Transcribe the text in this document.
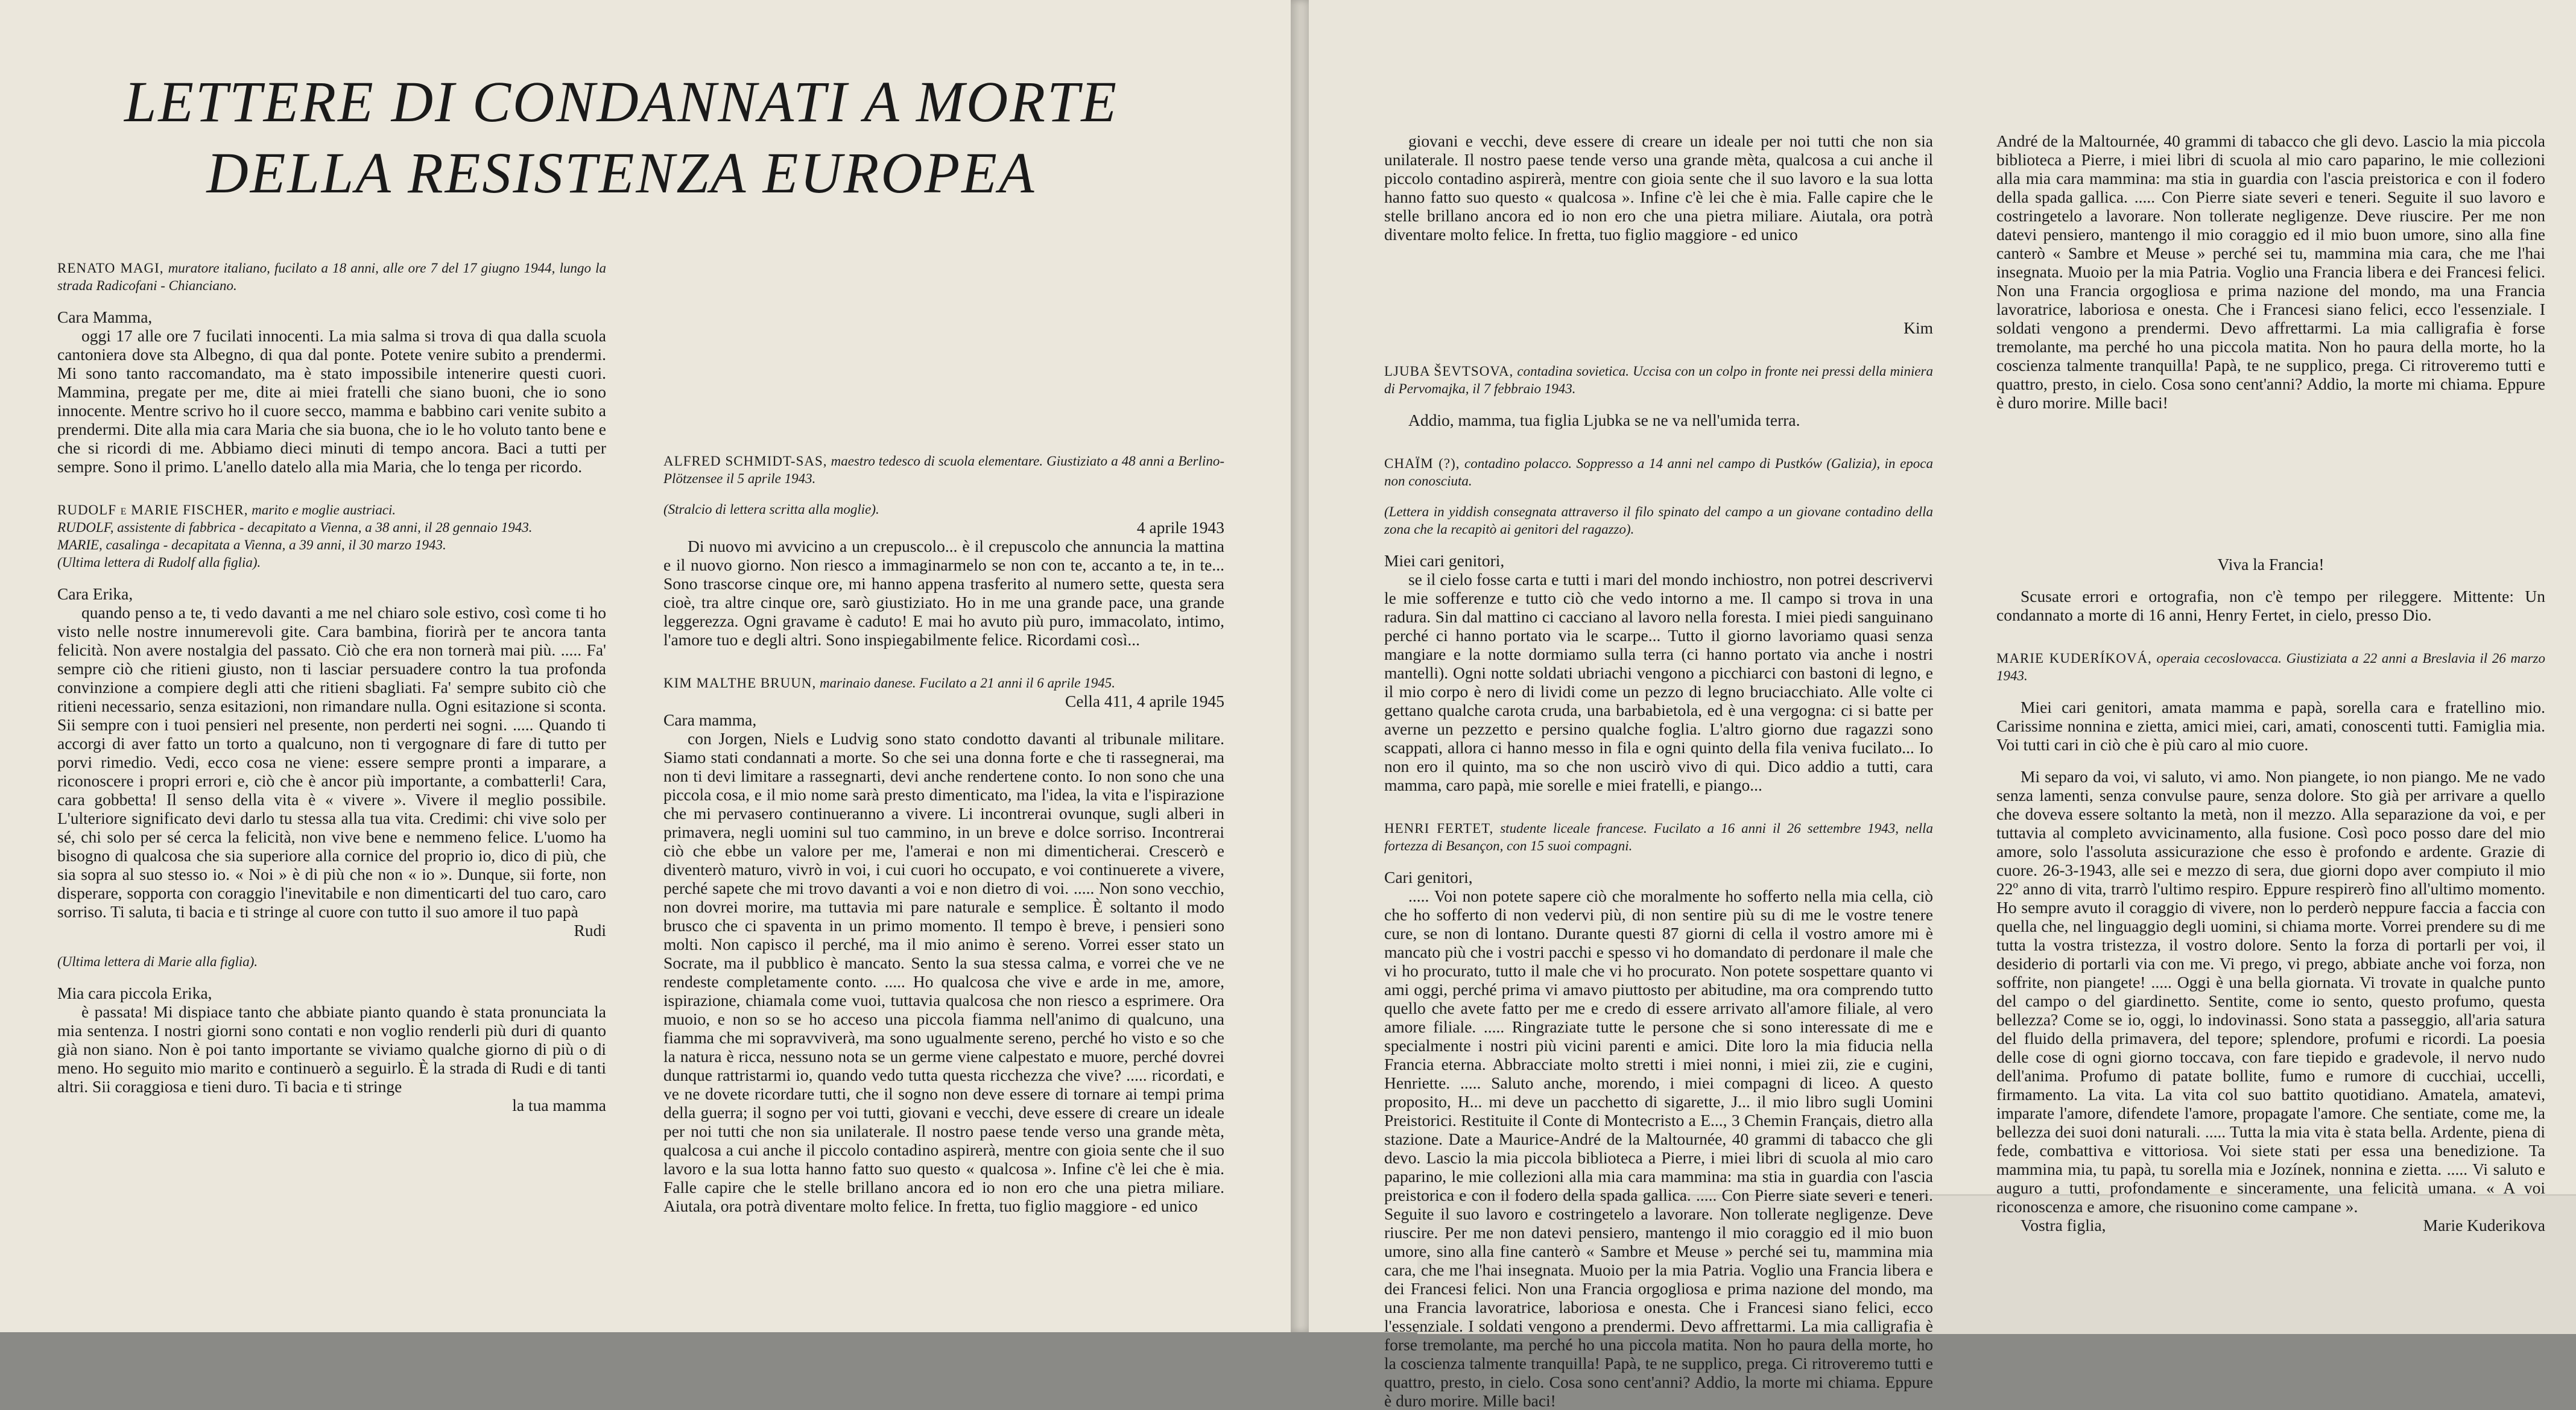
LETTERE DI CONDANNATI A MORTE
DELLA RESISTENZA EUROPEA

RENATO MAGI, muratore italiano, fucilato a 18 anni, alle ore 7 del 17 giugno 1944, lungo la strada Radicofani - Chianciano.

Cara Mamma,

oggi 17 alle ore 7 fucilati innocenti. La mia salma si trova di qua dalla scuola cantoniera dove sta Albegno, di qua dal ponte. Potete venire subito a prendermi. Mi sono tanto raccomandato, ma è stato impossibile intenerire questi cuori. Mammina, pregate per me, dite ai miei fratelli che siano buoni, che io sono innocente. Mentre scrivo ho il cuore secco, mamma e babbino cari venite subito a prendermi. Dite alla mia cara Maria che sia buona, che io le ho voluto tanto bene e che si ricordi di me. Abbiamo dieci minuti di tempo ancora. Baci a tutti per sempre. Sono il primo. L'anello datelo alla mia Maria, che lo tenga per ricordo.

RUDOLF e MARIE FISCHER, marito e moglie austriaci.

RUDOLF, assistente di fabbrica - decapitato a Vienna, a 38 anni, il 28 gennaio 1943.

MARIE, casalinga - decapitata a Vienna, a 39 anni, il 30 marzo 1943.

(Ultima lettera di Rudolf alla figlia).

Cara Erika,

quando penso a te, ti vedo davanti a me nel chiaro sole estivo, così come ti ho visto nelle nostre innumerevoli gite. Cara bambina, fiorirà per te ancora tanta felicità. Non avere nostalgia del passato. Ciò che era non tornerà mai più. ..... Fa' sempre ciò che ritieni giusto, non ti lasciar persuadere contro la tua profonda convinzione a compiere degli atti che ritieni sbagliati. Fa' sempre subito ciò che ritieni necessario, senza esitazioni, non rimandare nulla. Ogni esitazione si sconta. Sii sempre con i tuoi pensieri nel presente, non perderti nei sogni. ..... Quando ti accorgi di aver fatto un torto a qualcuno, non ti vergognare di fare di tutto per porvi rimedio. Vedi, ecco cosa ne viene: essere sempre pronti a imparare, a riconoscere i propri errori e, ciò che è ancor più importante, a combatterli! Cara, cara gobbetta! Il senso della vita è « vivere ». Vivere il meglio possibile. L'ulteriore significato devi darlo tu stessa alla tua vita. Credimi: chi vive solo per sé, chi solo per sé cerca la felicità, non vive bene e nemmeno felice. L'uomo ha bisogno di qualcosa che sia superiore alla cornice del proprio io, dico di più, che sia sopra al suo stesso io. « Noi » è di più che non « io ». Dunque, sii forte, non disperare, sopporta con coraggio l'inevitabile e non dimenticarti del tuo caro, caro sorriso. Ti saluta, ti bacia e ti stringe al cuore con tutto il suo amore il tuo papà

Rudi

(Ultima lettera di Marie alla figlia).

Mia cara piccola Erika,

è passata! Mi dispiace tanto che abbiate pianto quando è stata pronunciata la mia sentenza. I nostri giorni sono contati e non voglio renderli più duri di quanto già non siano. Non è poi tanto importante se viviamo qualche giorno di più o di meno. Ho seguito mio marito e continuerò a seguirlo. È la strada di Rudi e di tanti altri. Sii coraggiosa e tieni duro. Ti bacia e ti stringe

la tua mamma

ALFRED SCHMIDT-SAS, maestro tedesco di scuola elementare. Giustiziato a 48 anni a Berlino-Plötzensee il 5 aprile 1943.

(Stralcio di lettera scritta alla moglie).

4 aprile 1943

Di nuovo mi avvicino a un crepuscolo... è il crepuscolo che annuncia la mattina e il nuovo giorno. Non riesco a immaginarmelo se non con te, accanto a te, in te... Sono trascorse cinque ore, mi hanno appena trasferito al numero sette, questa sera cioè, tra altre cinque ore, sarò giustiziato. Ho in me una grande pace, una grande leggerezza. Ogni gravame è caduto! E mai ho avuto più puro, immacolato, intimo, l'amore tuo e degli altri. Sono inspiegabilmente felice. Ricordami così...

KIM MALTHE BRUUN, marinaio danese. Fucilato a 21 anni il 6 aprile 1945.

Cella 411, 4 aprile 1945

Cara mamma,

con Jorgen, Niels e Ludvig sono stato condotto davanti al tribunale militare. Siamo stati condannati a morte. So che sei una donna forte e che ti rassegnerai, ma non ti devi limitare a rassegnarti, devi anche rendertene conto. Io non sono che una piccola cosa, e il mio nome sarà presto dimenticato, ma l'idea, la vita e l'ispirazione che mi pervasero continueranno a vivere. Li incontrerai ovunque, sugli alberi in primavera, negli uomini sul tuo cammino, in un breve e dolce sorriso. Incontrerai ciò che ebbe un valore per me, l'amerai e non mi dimenticherai. Crescerò e diventerò maturo, vivrò in voi, i cui cuori ho occupato, e voi continuerete a vivere, perché sapete che mi trovo davanti a voi e non dietro di voi. ..... Non sono vecchio, non dovrei morire, ma tuttavia mi pare naturale e semplice. È soltanto il modo brusco che ci spaventa in un primo momento. Il tempo è breve, i pensieri sono molti. Non capisco il perché, ma il mio animo è sereno. Vorrei esser stato un Socrate, ma il pubblico è mancato. Sento la sua stessa calma, e vorrei che ve ne rendeste completamente conto. ..... Ho qualcosa che vive e arde in me, amore, ispirazione, chiamala come vuoi, tuttavia qualcosa che non riesco a esprimere. Ora muoio, e non so se ho acceso una piccola fiamma nell'animo di qualcuno, una fiamma che mi sopravviverà, ma sono ugualmente sereno, perché ho visto e so che la natura è ricca, nessuno nota se un germe viene calpestato e muore, perché dovrei dunque rattristarmi io, quando vedo tutta questa ricchezza che vive? ..... ricordati, e ve ne dovete ricordare tutti, che il sogno non deve essere di tornare ai tempi prima della guerra; il sogno per voi tutti, giovani e vecchi, deve essere di creare un ideale per noi tutti che non sia unilaterale. Il nostro paese tende verso una grande mèta, qualcosa a cui anche il piccolo contadino aspirerà, mentre con gioia sente che il suo lavoro e la sua lotta hanno fatto suo questo « qualcosa ». Infine c'è lei che è mia. Falle capire che le stelle brillano ancora ed io non ero che una pietra miliare. Aiutala, ora potrà diventare molto felice. In fretta, tuo figlio maggiore - ed unico

giovani e vecchi, deve essere di creare un ideale per noi tutti che non sia unilaterale. Il nostro paese tende verso una grande mèta, qualcosa a cui anche il piccolo contadino aspirerà, mentre con gioia sente che il suo lavoro e la sua lotta hanno fatto suo questo « qualcosa ». Infine c'è lei che è mia. Falle capire che le stelle brillano ancora ed io non ero che una pietra miliare. Aiutala, ora potrà diventare molto felice. In fretta, tuo figlio maggiore - ed unico

Kim

LJUBA ŠEVTSOVA, contadina sovietica. Uccisa con un colpo in fronte nei pressi della miniera di Pervomajka, il 7 febbraio 1943.

Addio, mamma, tua figlia Ljubka se ne va nell'umida terra.

CHAÏM (?), contadino polacco. Soppresso a 14 anni nel campo di Pustków (Galizia), in epoca non conosciuta.

(Lettera in yiddish consegnata attraverso il filo spinato del campo a un giovane contadino della zona che la recapitò ai genitori del ragazzo).

Miei cari genitori,

se il cielo fosse carta e tutti i mari del mondo inchiostro, non potrei descrivervi le mie sofferenze e tutto ciò che vedo intorno a me. Il campo si trova in una radura. Sin dal mattino ci cacciano al lavoro nella foresta. I miei piedi sanguinano perché ci hanno portato via le scarpe... Tutto il giorno lavoriamo quasi senza mangiare e la notte dormiamo sulla terra (ci hanno portato via anche i nostri mantelli). Ogni notte soldati ubriachi vengono a picchiarci con bastoni di legno, e il mio corpo è nero di lividi come un pezzo di legno bruciacchiato. Alle volte ci gettano qualche carota cruda, una barbabietola, ed è una vergogna: ci si batte per averne un pezzetto e persino qualche foglia. L'altro giorno due ragazzi sono scappati, allora ci hanno messo in fila e ogni quinto della fila veniva fucilato... Io non ero il quinto, ma so che non uscirò vivo di qui. Dico addio a tutti, cara mamma, caro papà, mie sorelle e miei fratelli, e piango...

HENRI FERTET, studente liceale francese. Fucilato a 16 anni il 26 settembre 1943, nella fortezza di Besançon, con 15 suoi compagni.

Cari genitori,

..... Voi non potete sapere ciò che moralmente ho sofferto nella mia cella, ciò che ho sofferto di non vedervi più, di non sentire più su di me le vostre tenere cure, se non di lontano. Durante questi 87 giorni di cella il vostro amore mi è mancato più che i vostri pacchi e spesso vi ho domandato di perdonare il male che vi ho procurato, tutto il male che vi ho procurato. Non potete sospettare quanto vi ami oggi, perché prima vi amavo piuttosto per abitudine, ma ora comprendo tutto quello che avete fatto per me e credo di essere arrivato all'amore filiale, al vero amore filiale. ..... Ringraziate tutte le persone che si sono interessate di me e specialmente i nostri più vicini parenti e amici. Dite loro la mia fiducia nella Francia eterna. Abbracciate molto stretti i miei nonni, i miei zii, zie e cugini, Henriette. ..... Saluto anche, morendo, i miei compagni di liceo. A questo proposito, H... mi deve un pacchetto di sigarette, J... il mio libro sugli Uomini Preistorici. Restituite il Conte di Montecristo a E..., 3 Chemin Français, dietro alla stazione. Date a Maurice-André de la Maltournée, 40 grammi di tabacco che gli devo. Lascio la mia piccola biblioteca a Pierre, i miei libri di scuola al mio caro paparino, le mie collezioni alla mia cara mammina: ma stia in guardia con l'ascia preistorica e con il fodero della spada gallica. ..... Con Pierre siate severi e teneri. Seguite il suo lavoro e costringetelo a lavorare. Non tollerate negligenze. Deve riuscire. Per me non datevi pensiero, mantengo il mio coraggio ed il mio buon umore, sino alla fine canterò « Sambre et Meuse » perché sei tu, mammina mia cara, che me l'hai insegnata. Muoio per la mia Patria. Voglio una Francia libera e dei Francesi felici. Non una Francia orgogliosa e prima nazione del mondo, ma una Francia lavoratrice, laboriosa e onesta. Che i Francesi siano felici, ecco l'essenziale. I soldati vengono a prendermi. Devo affrettarmi. La mia calligrafia è forse tremolante, ma perché ho una piccola matita. Non ho paura della morte, ho la coscienza talmente tranquilla! Papà, te ne supplico, prega. Ci ritroveremo tutti e quattro, presto, in cielo. Cosa sono cent'anni? Addio, la morte mi chiama. Eppure è duro morire. Mille baci!

André de la Maltournée, 40 grammi di tabacco che gli devo. Lascio la mia piccola biblioteca a Pierre, i miei libri di scuola al mio caro paparino, le mie collezioni alla mia cara mammina: ma stia in guardia con l'ascia preistorica e con il fodero della spada gallica. ..... Con Pierre siate severi e teneri. Seguite il suo lavoro e costringetelo a lavorare. Non tollerate negligenze. Deve riuscire. Per me non datevi pensiero, mantengo il mio coraggio ed il mio buon umore, sino alla fine canterò « Sambre et Meuse » perché sei tu, mammina mia cara, che me l'hai insegnata. Muoio per la mia Patria. Voglio una Francia libera e dei Francesi felici. Non una Francia orgogliosa e prima nazione del mondo, ma una Francia lavoratrice, laboriosa e onesta. Che i Francesi siano felici, ecco l'essenziale. I soldati vengono a prendermi. Devo affrettarmi. La mia calligrafia è forse tremolante, ma perché ho una piccola matita. Non ho paura della morte, ho la coscienza talmente tranquilla! Papà, te ne supplico, prega. Ci ritroveremo tutti e quattro, presto, in cielo. Cosa sono cent'anni? Addio, la morte mi chiama. Eppure è duro morire. Mille baci!

Viva la Francia!

Scusate errori e ortografia, non c'è tempo per rileggere. Mittente: Un condannato a morte di 16 anni, Henry Fertet, in cielo, presso Dio.

MARIE KUDERÍKOVÁ, operaia cecoslovacca. Giustiziata a 22 anni a Breslavia il 26 marzo 1943.

Miei cari genitori, amata mamma e papà, sorella cara e fratellino mio. Carissime nonnina e zietta, amici miei, cari, amati, conoscenti tutti. Famiglia mia. Voi tutti cari in ciò che è più caro al mio cuore.

Mi separo da voi, vi saluto, vi amo. Non piangete, io non piango. Me ne vado senza lamenti, senza convulse paure, senza dolore. Sto già per arrivare a quello che doveva essere soltanto la metà, non il mezzo. Alla separazione da voi, e per tuttavia al completo avvicinamento, alla fusione. Così poco posso dare del mio amore, solo l'assoluta assicurazione che esso è profondo e ardente. Grazie di cuore. 26-3-1943, alle sei e mezzo di sera, due giorni dopo aver compiuto il mio 22º anno di vita, trarrò l'ultimo respiro. Eppure respirerò fino all'ultimo momento. Ho sempre avuto il coraggio di vivere, non lo perderò neppure faccia a faccia con quella che, nel linguaggio degli uomini, si chiama morte. Vorrei prendere su di me tutta la vostra tristezza, il vostro dolore. Sento la forza di portarli per voi, il desiderio di portarli via con me. Vi prego, vi prego, abbiate anche voi forza, non soffrite, non piangete! ..... Oggi è una bella giornata. Vi trovate in qualche punto del campo o del giardinetto. Sentite, come io sento, questo profumo, questa bellezza? Come se io, oggi, lo indovinassi. Sono stata a passeggio, all'aria satura del fluido della primavera, del tepore; splendore, profumi e ricordi. La poesia delle cose di ogni giorno toccava, con fare tiepido e gradevole, il nervo nudo dell'anima. Profumo di patate bollite, fumo e rumore di cucchiai, uccelli, firmamento. La vita. La vita col suo battito quotidiano. Amatela, amatevi, imparate l'amore, difendete l'amore, propagate l'amore. Che sentiate, come me, la bellezza dei suoi doni naturali. ..... Tutta la mia vita è stata bella. Ardente, piena di fede, combattiva e vittoriosa. Voi siete stati per essa una benedizione. Ta mammina mia, tu papà, tu sorella mia e Jozínek, nonnina e zietta. ..... Vi saluto e auguro a tutti, profondamente e sinceramente, una felicità umana. « A voi riconoscenza e amore, che risuonino come campane ».

Vostra figlia,	Marie Kuderikova
